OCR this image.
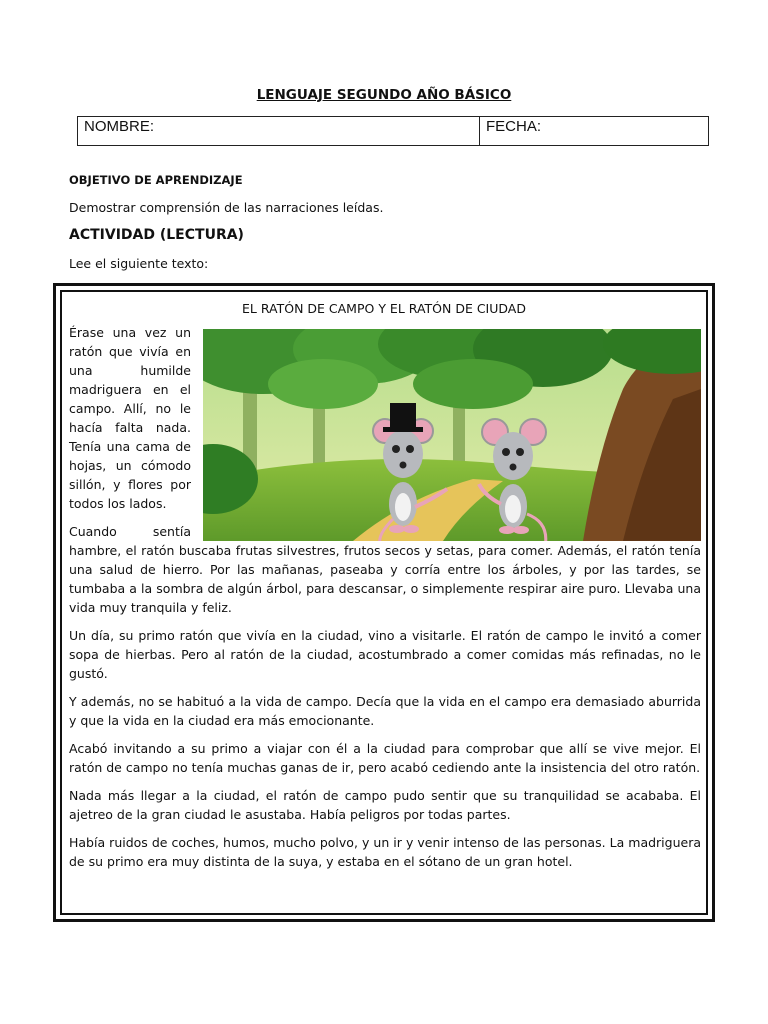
LENGUAJE SEGUNDO AÑO BÁSICO
NOMBRE:	FECHA:
OBJETIVO DE APRENDIZAJE
Demostrar comprensión de las narraciones leídas.
ACTIVIDAD (LECTURA)
Lee el siguiente texto:
EL RATÓN DE CAMPO Y EL RATÓN DE CIUDAD

Érase una vez un ratón que vivía en una humilde madriguera en el campo. Allí, no le hacía falta nada. Tenía una cama de hojas, un cómodo sillón, y flores por todos los lados.

Cuando sentía hambre, el ratón buscaba frutas silvestres, frutos secos y setas, para comer. Además, el ratón tenía una salud de hierro. Por las mañanas, paseaba y corría entre los árboles, y por las tardes, se tumbaba a la sombra de algún árbol, para descansar, o simplemente respirar aire puro. Llevaba una vida muy tranquila y feliz.

Un día, su primo ratón que vivía en la ciudad, vino a visitarle. El ratón de campo le invitó a comer sopa de hierbas. Pero al ratón de la ciudad, acostumbrado a comer comidas más refinadas, no le gustó.

Y además, no se habituó a la vida de campo. Decía que la vida en el campo era demasiado aburrida y que la vida en la ciudad era más emocionante.

Acabó invitando a su primo a viajar con él a la ciudad para comprobar que allí se vive mejor. El ratón de campo no tenía muchas ganas de ir, pero acabó cediendo ante la insistencia del otro ratón.

Nada más llegar a la ciudad, el ratón de campo pudo sentir que su tranquilidad se acababa. El ajetreo de la gran ciudad le asustaba. Había peligros por todas partes.

Había ruidos de coches, humos, mucho polvo, y un ir y venir intenso de las personas. La madriguera de su primo era muy distinta de la suya, y estaba en el sótano de un gran hotel.
